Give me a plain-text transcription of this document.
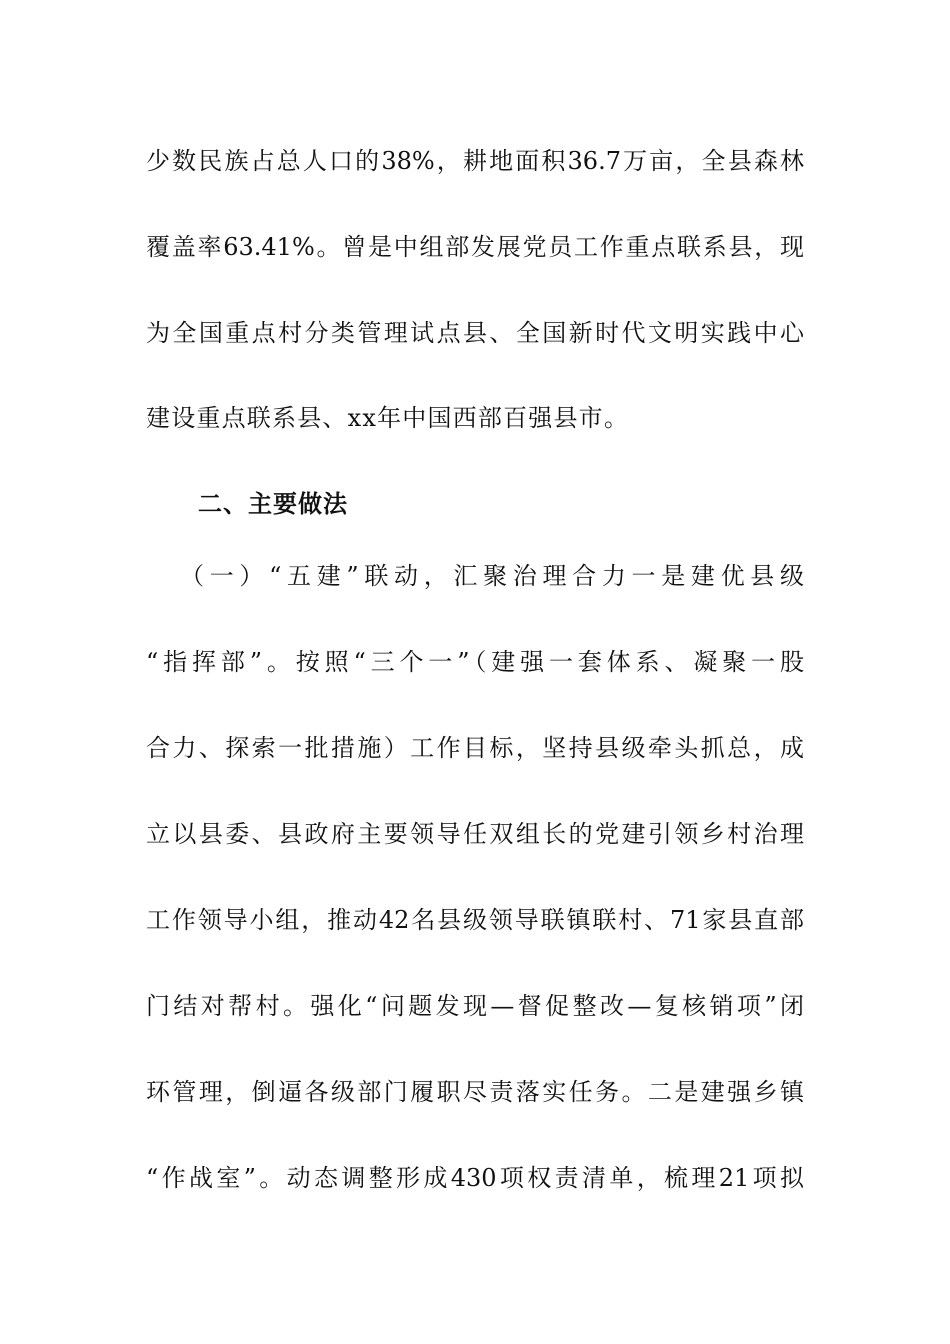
少数民族占总人口的38%，耕地面积36.7万亩，全县森林
覆盖率63.41%。曾是中组部发展党员工作重点联系县，现
为全国重点村分类管理试点县、全国新时代文明实践中心
建设重点联系县、xx年中国西部百强县市。
二、主要做法
（一）“五建”联动，汇聚治理合力一是建优县级
“指挥部”。按照“三个一”（建强一套体系、凝聚一股
合力、探索一批措施）工作目标，坚持县级牵头抓总，成
立以县委、县政府主要领导任双组长的党建引领乡村治理
工作领导小组，推动42名县级领导联镇联村、71家县直部
门结对帮村。强化“问题发现—督促整改—复核销项”闭
环管理，倒逼各级部门履职尽责落实任务。二是建强乡镇
“作战室”。动态调整形成430项权责清单，梳理21项拟
